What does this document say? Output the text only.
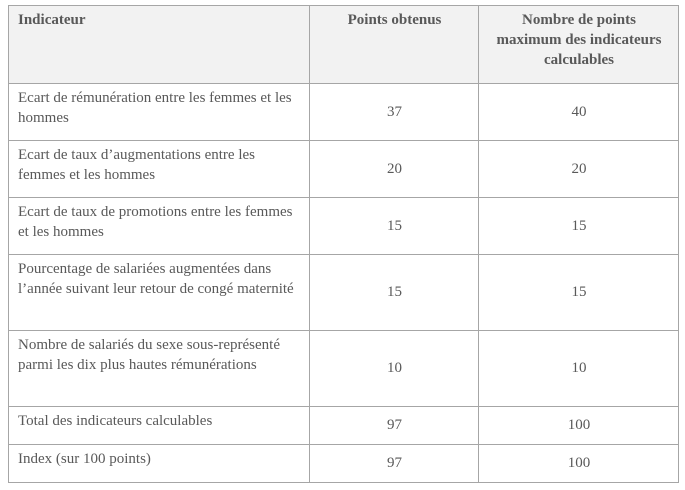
Indicateur	Points obtenus	Nombre de points maximum des indicateurs calculables
Ecart de rémunération entre les femmes et les hommes	37	40
Ecart de taux d’augmentations entre les femmes et les hommes	20	20
Ecart de taux de promotions entre les femmes et les hommes	15	15
Pourcentage de salariées augmentées dans l’année suivant leur retour de congé maternité	15	15
Nombre de salariés du sexe sous-représenté parmi les dix plus hautes rémunérations	10	10
Total des indicateurs calculables	97	100
Index (sur 100 points)	97	100
